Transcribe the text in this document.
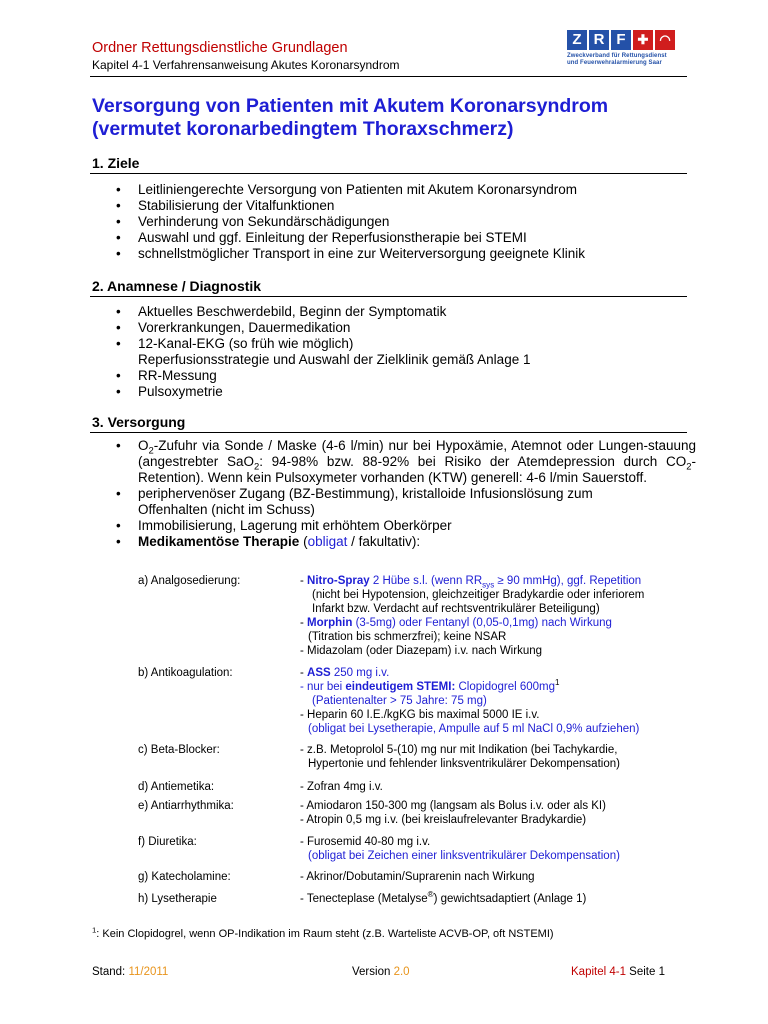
Ordner Rettungsdienstliche Grundlagen
Kapitel 4-1 Verfahrensanweisung Akutes Koronarsyndrom
Z R F ✚ ◠
Zweckverband für Rettungsdienst
und Feuerwehralarmierung Saar
Versorgung von Patienten mit Akutem Koronarsyndrom
(vermutet koronarbedingtem Thoraxschmerz)
1. Ziele
• Leitliniengerechte Versorgung von Patienten mit Akutem Koronarsyndrom
• Stabilisierung der Vitalfunktionen
• Verhinderung von Sekundärschädigungen
• Auswahl und ggf. Einleitung der Reperfusionstherapie bei STEMI
• schnellstmöglicher Transport in eine zur Weiterversorgung geeignete Klinik
2. Anamnese / Diagnostik
• Aktuelles Beschwerdebild, Beginn der Symptomatik
• Vorerkrankungen, Dauermedikation
• 12-Kanal-EKG (so früh wie möglich)
Reperfusionsstrategie und Auswahl der Zielklinik gemäß Anlage 1
• RR-Messung
• Pulsoxymetrie
3. Versorgung
• $O_2$-Zufuhr via Sonde / Maske (4-6 l/min) nur bei Hypoxämie, Atemnot oder Lungen-stauung (angestrebter SaO$_2$: 94-98% bzw. 88-92% bei Risiko der Atemdepression durch $CO_2-Retention$). Wenn kein Pulsoxymeter vorhanden (KTW) generell: 4-6 l/min Sauerstoff.
• periphervenöser Zugang (BZ-Bestimmung), kristalloide Infusionslösung zum
Offenhalten (nicht im Schuss)
• Immobilisierung, Lagerung mit erhöhtem Oberkörper
• Medikamentöse Therapie (obligat / fakultativ):
a) Analgosedierung:	- Nitro-Spray 2 Hübe s.l. (wenn $RR_{sys} \ge 90$ mmHg), ggf. Repetition
(nicht bei Hypotension, gleichzeitiger Bradykardie oder inferiorem
Infarkt bzw. Verdacht auf rechtsventrikulärer Beteiligung)
- Morphin (3-5mg) oder Fentanyl (0,05-0,1mg) nach Wirkung
(Titration bis schmerzfrei); keine NSAR
- Midazolam (oder Diazepam) i.v. nach Wirkung
b) Antikoagulation:	- ASS 250 mg i.v.
- nur bei eindeutigem STEMI: Clopidogrel $600mg^1$
(Patientenalter > 75 Jahre: 75 mg)
- Heparin 60 I.E./kgKG bis maximal 5000 IE i.v.
(obligat bei Lysetherapie, Ampulle auf 5 ml NaCl 0,9% aufziehen)
c) Beta-Blocker:	- z.B. Metoprolol 5-(10) mg nur mit Indikation (bei Tachykardie,
Hypertonie und fehlender linksventrikulärer Dekompensation)
d) Antiemetika:	- Zofran 4mg i.v.
e) Antiarrhythmika:	- Amiodaron 150-300 mg (langsam als Bolus i.v. oder als KI)
- Atropin 0,5 mg i.v. (bei kreislaufrelevanter Bradykardie)
f) Diuretika:	- Furosemid 40-80 mg i.v.
(obligat bei Zeichen einer linksventrikulärer Dekompensation)
g) Katecholamine:	- Akrinor/Dobutamin/Suprarenin nach Wirkung
h) Lysetherapie	- Tenecteplase (Metalyse®) gewichtsadaptiert (Anlage 1)
$^1$: Kein Clopidogrel, wenn OP-Indikation im Raum steht (z.B. Warteliste ACVB-OP, oft NSTEMI)
Stand: 11/2011	Version 2.0	Kapitel 4-1 Seite 1
